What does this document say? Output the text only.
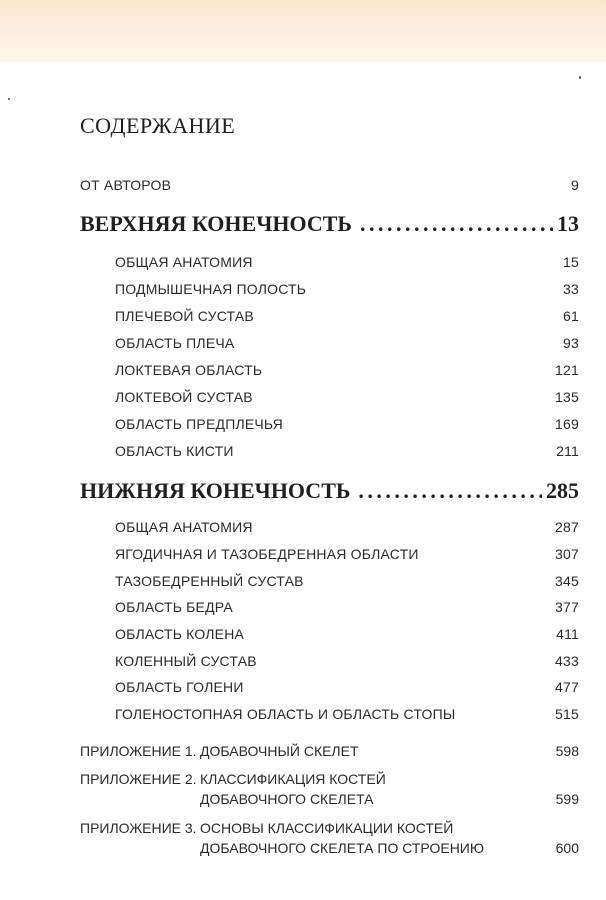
СОДЕРЖАНИЕ
ОТ АВТОРОВ	9
ВЕРХНЯЯ КОНЕЧНОСТЬ . . .	13
ОБЩАЯ АНАТОМИЯ	15
ПОДМЫШЕЧНАЯ ПОЛОСТЬ	33
ПЛЕЧЕВОЙ СУСТАВ	61
ОБЛАСТЬ ПЛЕЧА	93
ЛОКТЕВАЯ ОБЛАСТЬ	121
ЛОКТЕВОЙ СУСТАВ	135
ОБЛАСТЬ ПРЕДПЛЕЧЬЯ	169
ОБЛАСТЬ КИСТИ	211
НИЖНЯЯ КОНЕЧНОСТЬ . . .	285
ОБЩАЯ АНАТОМИЯ	287
ЯГОДИЧНАЯ И ТАЗОБЕДРЕННАЯ ОБЛАСТИ	307
ТАЗОБЕДРЕННЫЙ СУСТАВ	345
ОБЛАСТЬ БЕДРА	377
ОБЛАСТЬ КОЛЕНА	411
КОЛЕННЫЙ СУСТАВ	433
ОБЛАСТЬ ГОЛЕНИ	477
ГОЛЕНОСТОПНАЯ ОБЛАСТЬ И ОБЛАСТЬ СТОПЫ	515
ПРИЛОЖЕНИЕ 1. ДОБАВОЧНЫЙ СКЕЛЕТ	598
ПРИЛОЖЕНИЕ 2. КЛАССИФИКАЦИЯ КОСТЕЙ
ДОБАВОЧНОГО СКЕЛЕТА	599
ПРИЛОЖЕНИЕ 3. ОСНОВЫ КЛАССИФИКАЦИИ КОСТЕЙ
ДОБАВОЧНОГО СКЕЛЕТА ПО СТРОЕНИЮ	600
